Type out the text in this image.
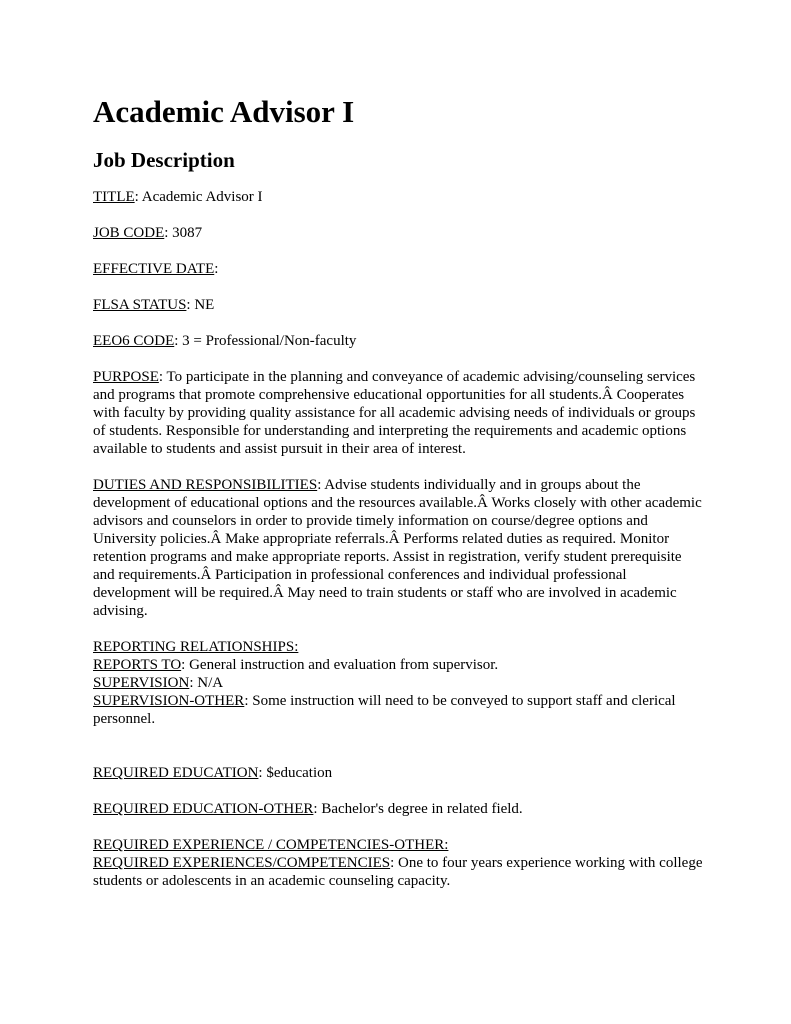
Academic Advisor I
Job Description

TITLE: Academic Advisor I

JOB CODE: 3087

EFFECTIVE DATE:

FLSA STATUS: NE

EEO6 CODE: 3 = Professional/Non-faculty

PURPOSE: To participate in the planning and conveyance of academic advising/counseling services and programs that promote comprehensive educational opportunities for all students.Â Cooperates with faculty by providing quality assistance for all academic advising needs of individuals or groups of students. Responsible for understanding and interpreting the requirements and academic options available to students and assist pursuit in their area of interest.

DUTIES AND RESPONSIBILITIES: Advise students individually and in groups about the development of educational options and the resources available.Â Works closely with other academic advisors and counselors in order to provide timely information on course/degree options and University policies.Â Make appropriate referrals.Â Performs related duties as required. Monitor retention programs and make appropriate reports. Assist in registration, verify student prerequisite and requirements.Â Participation in professional conferences and individual professional development will be required.Â May need to train students or staff who are involved in academic advising.

REPORTING RELATIONSHIPS:

REPORTS TO: General instruction and evaluation from supervisor.

SUPERVISION: N/A

SUPERVISION-OTHER: Some instruction will need to be conveyed to support staff and clerical personnel.

REQUIRED EDUCATION: $education

REQUIRED EDUCATION-OTHER: Bachelor's degree in related field.

REQUIRED EXPERIENCE / COMPETENCIES-OTHER:

REQUIRED EXPERIENCES/COMPETENCIES: One to four years experience working with college students or adolescents in an academic counseling capacity.
